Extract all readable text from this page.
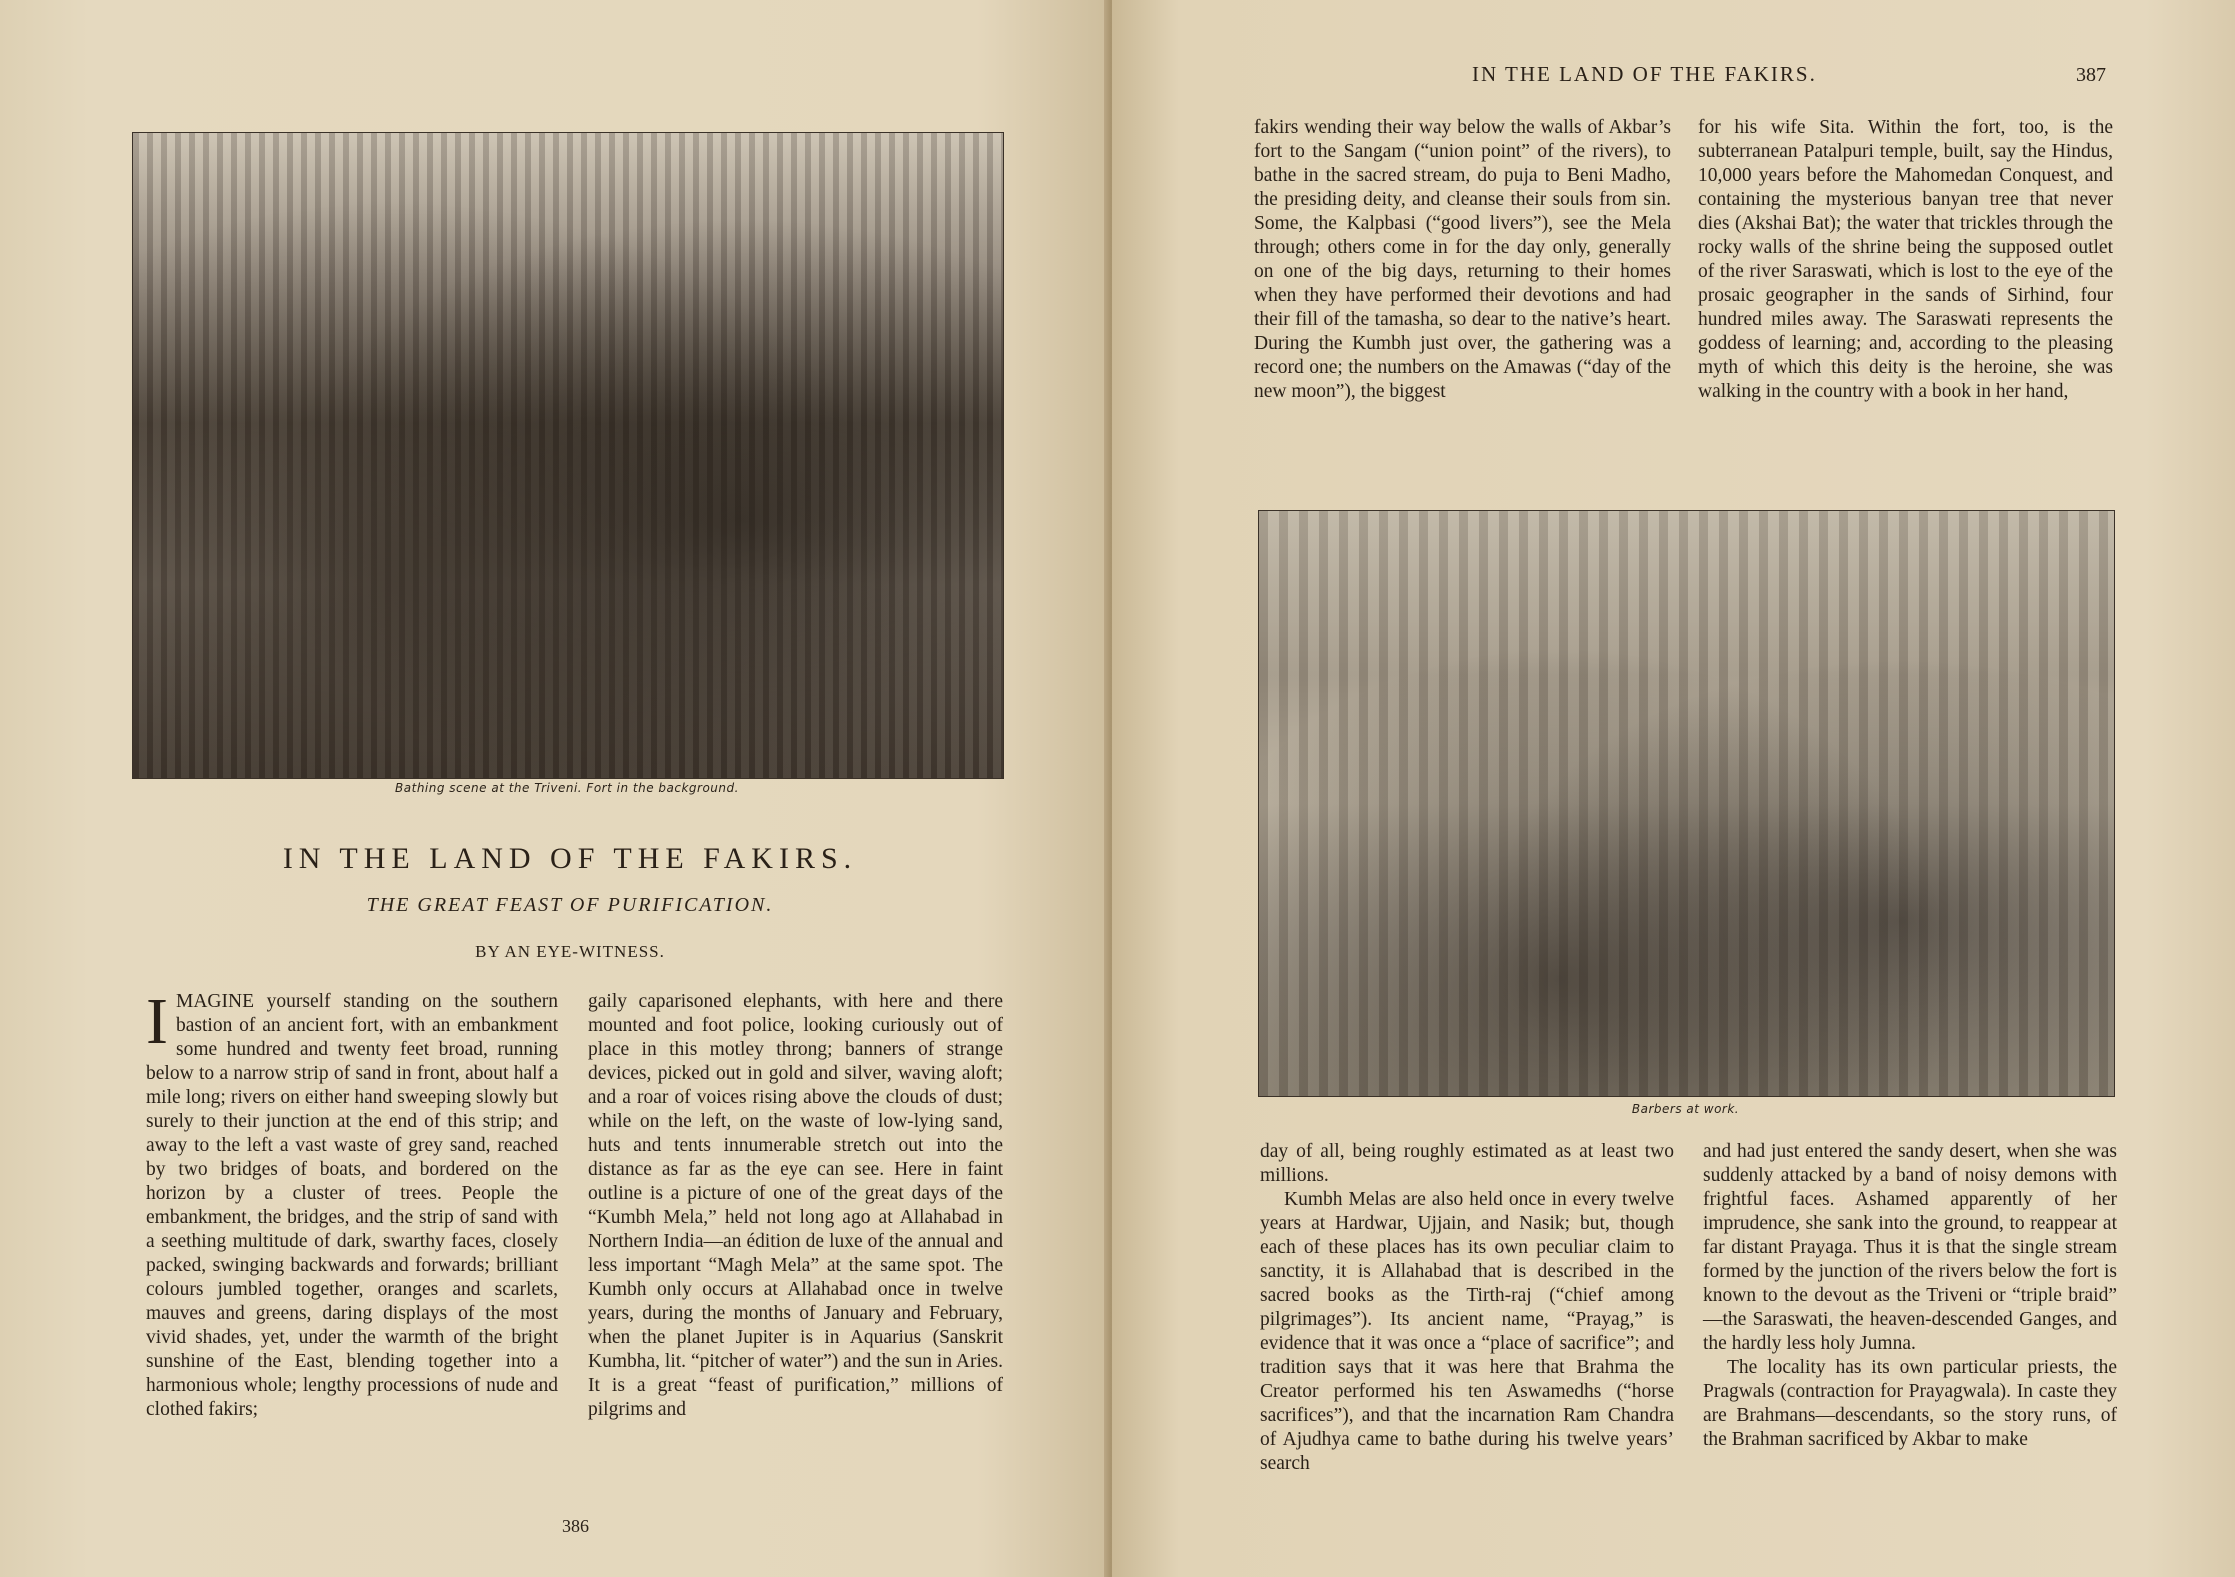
Bathing scene at the Triveni. Fort in the background.
IN THE LAND OF THE FAKIRS.
THE GREAT FEAST OF PURIFICATION.
BY AN EYE-WITNESS.

IMAGINE yourself standing on the southern bastion of an ancient fort, with an embankment some hundred and twenty feet broad, running below to a narrow strip of sand in front, about half a mile long; rivers on either hand sweeping slowly but surely to their junction at the end of this strip; and away to the left a vast waste of grey sand, reached by two bridges of boats, and bordered on the horizon by a cluster of trees. People the embankment, the bridges, and the strip of sand with a seething multitude of dark, swarthy faces, closely packed, swinging backwards and forwards; brilliant colours jumbled together, oranges and scarlets, mauves and greens, daring displays of the most vivid shades, yet, under the warmth of the bright sunshine of the East, blending together into a harmonious whole; lengthy processions of nude and clothed fakirs;

gaily caparisoned elephants, with here and there mounted and foot police, looking curiously out of place in this motley throng; banners of strange devices, picked out in gold and silver, waving aloft; and a roar of voices rising above the clouds of dust; while on the left, on the waste of low-lying sand, huts and tents innumerable stretch out into the distance as far as the eye can see. Here in faint outline is a picture of one of the great days of the “Kumbh Mela,” held not long ago at Allahabad in Northern India—an édition de luxe of the annual and less important “Magh Mela” at the same spot. The Kumbh only occurs at Allahabad once in twelve years, during the months of January and February, when the planet Jupiter is in Aquarius (Sanskrit Kumbha, lit. “pitcher of water”) and the sun in Aries. It is a great “feast of purification,” millions of pilgrims and

386
IN THE LAND OF THE FAKIRS.	387

fakirs wending their way below the walls of Akbar’s fort to the Sangam (“union point” of the rivers), to bathe in the sacred stream, do puja to Beni Madho, the presiding deity, and cleanse their souls from sin. Some, the Kalpbasi (“good livers”), see the Mela through; others come in for the day only, generally on one of the big days, returning to their homes when they have performed their devotions and had their fill of the tamasha, so dear to the native’s heart. During the Kumbh just over, the gathering was a record one; the numbers on the Amawas (“day of the new moon”), the biggest

for his wife Sita. Within the fort, too, is the subterranean Patalpuri temple, built, say the Hindus, 10,000 years before the Mahomedan Conquest, and containing the mysterious banyan tree that never dies (Akshai Bat); the water that trickles through the rocky walls of the shrine being the supposed outlet of the river Saraswati, which is lost to the eye of the prosaic geographer in the sands of Sirhind, four hundred miles away. The Saraswati represents the goddess of learning; and, according to the pleasing myth of which this deity is the heroine, she was walking in the country with a book in her hand,

Barbers at work.

day of all, being roughly estimated as at least two millions.

Kumbh Melas are also held once in every twelve years at Hardwar, Ujjain, and Nasik; but, though each of these places has its own peculiar claim to sanctity, it is Allahabad that is described in the sacred books as the Tirth-raj (“chief among pilgrimages”). Its ancient name, “Prayag,” is evidence that it was once a “place of sacrifice”; and tradition says that it was here that Brahma the Creator performed his ten Aswamedhs (“horse sacrifices”), and that the incarnation Ram Chandra of Ajudhya came to bathe during his twelve years’ search

and had just entered the sandy desert, when she was suddenly attacked by a band of noisy demons with frightful faces. Ashamed apparently of her imprudence, she sank into the ground, to reappear at far distant Prayaga. Thus it is that the single stream formed by the junction of the rivers below the fort is known to the devout as the Triveni or “triple braid” —the Saraswati, the heaven-descended Ganges, and the hardly less holy Jumna.

The locality has its own particular priests, the Pragwals (contraction for Prayagwala). In caste they are Brahmans—descendants, so the story runs, of the Brahman sacrificed by Akbar to make
